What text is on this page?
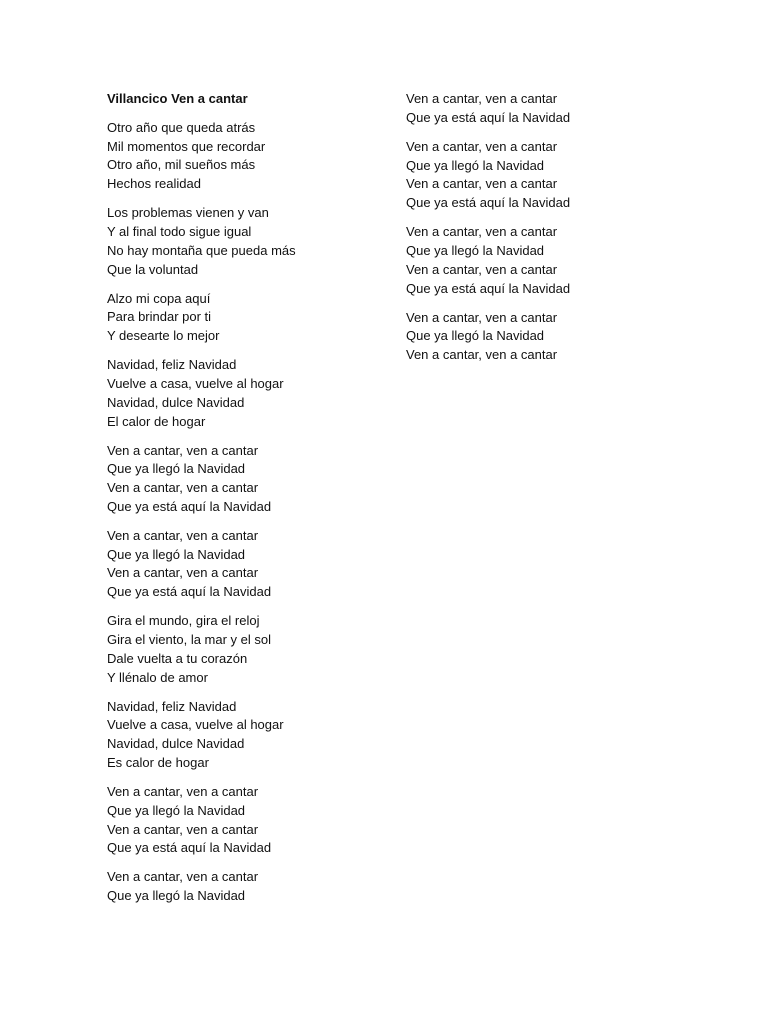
Villancico Ven a cantar
Otro año que queda atrás
Mil momentos que recordar
Otro año, mil sueños más
Hechos realidad
Los problemas vienen y van
Y al final todo sigue igual
No hay montaña que pueda más
Que la voluntad
Alzo mi copa aquí
Para brindar por ti
Y desearte lo mejor
Navidad, feliz Navidad
Vuelve a casa, vuelve al hogar
Navidad, dulce Navidad
El calor de hogar
Ven a cantar, ven a cantar
Que ya llegó la Navidad
Ven a cantar, ven a cantar
Que ya está aquí la Navidad
Ven a cantar, ven a cantar
Que ya llegó la Navidad
Ven a cantar, ven a cantar
Que ya está aquí la Navidad
Gira el mundo, gira el reloj
Gira el viento, la mar y el sol
Dale vuelta a tu corazón
Y llénalo de amor
Navidad, feliz Navidad
Vuelve a casa, vuelve al hogar
Navidad, dulce Navidad
Es calor de hogar
Ven a cantar, ven a cantar
Que ya llegó la Navidad
Ven a cantar, ven a cantar
Que ya está aquí la Navidad
Ven a cantar, ven a cantar
Que ya llegó la Navidad
Ven a cantar, ven a cantar
Que ya está aquí la Navidad
Ven a cantar, ven a cantar
Que ya llegó la Navidad
Ven a cantar, ven a cantar
Que ya está aquí la Navidad
Ven a cantar, ven a cantar
Que ya llegó la Navidad
Ven a cantar, ven a cantar
Que ya está aquí la Navidad
Ven a cantar, ven a cantar
Que ya llegó la Navidad
Ven a cantar, ven a cantar
